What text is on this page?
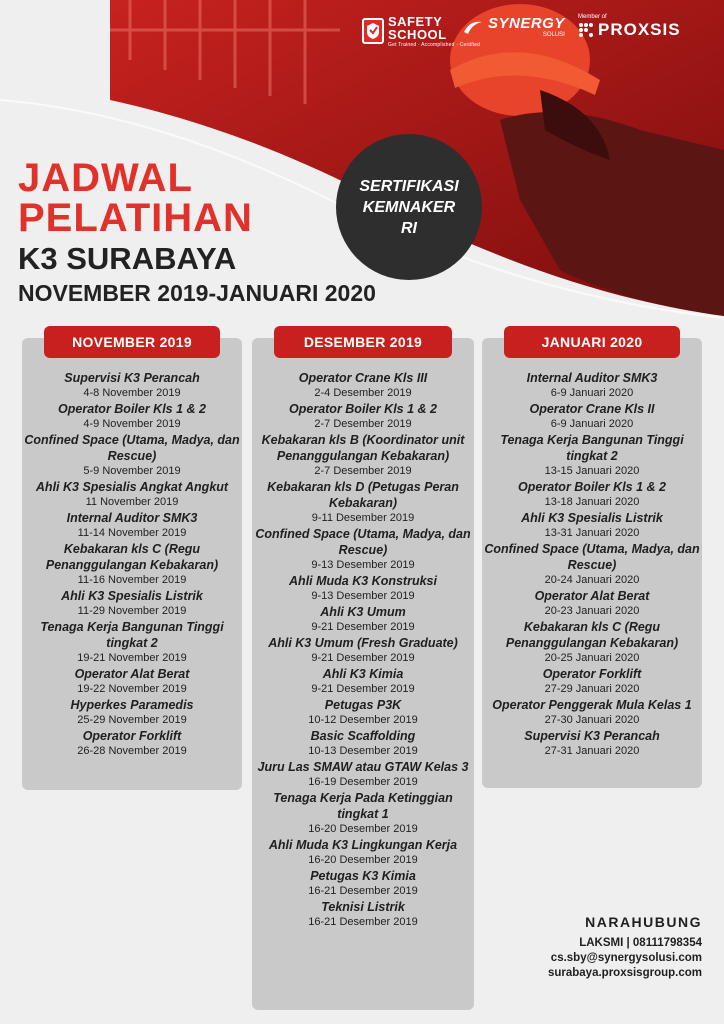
SAFETY
SCHOOL
Get Trained · Accomplished · Certified
SYNERGY
SOLUSI
Member of
PROXSIS
JADWAL
PELATIHAN
K3 SURABAYA
NOVEMBER 2019-JANUARI 2020
SERTIFIKASI
KEMNAKER
RI
NOVEMBER 2019
Supervisi K3 Perancah
4-8 November 2019
Operator Boiler Kls 1 & 2
4-9 November 2019
Confined Space (Utama, Madya, dan Rescue)
5-9 November 2019
Ahli K3 Spesialis Angkat Angkut
11 November 2019
Internal Auditor SMK3
11-14 November 2019
Kebakaran kls C (Regu Penanggulangan Kebakaran)
11-16 November 2019
Ahli K3 Spesialis Listrik
11-29 November 2019
Tenaga Kerja Bangunan Tinggi tingkat 2
19-21 November 2019
Operator Alat Berat
19-22 November 2019
Hyperkes Paramedis
25-29 November 2019
Operator Forklift
26-28 November 2019
DESEMBER 2019
Operator Crane Kls III
2-4 Desember 2019
Operator Boiler Kls 1 & 2
2-7 Desember 2019
Kebakaran kls B (Koordinator unit Penanggulangan Kebakaran)
2-7 Desember 2019
Kebakaran kls D (Petugas Peran Kebakaran)
9-11 Desember 2019
Confined Space (Utama, Madya, dan Rescue)
9-13 Desember 2019
Ahli Muda K3 Konstruksi
9-13 Desember 2019
Ahli K3 Umum
9-21 Desember 2019
Ahli K3 Umum (Fresh Graduate)
9-21 Desember 2019
Ahli K3 Kimia
9-21 Desember 2019
Petugas P3K
10-12 Desember 2019
Basic Scaffolding
10-13 Desember 2019
Juru Las SMAW atau GTAW Kelas 3
16-19 Desember 2019
Tenaga Kerja Pada Ketinggian tingkat 1
16-20 Desember 2019
Ahli Muda K3 Lingkungan Kerja
16-20 Desember 2019
Petugas K3 Kimia
16-21 Desember 2019
Teknisi Listrik
16-21 Desember 2019
JANUARI 2020
Internal Auditor SMK3
6-9 Januari 2020
Operator Crane Kls II
6-9 Januari 2020
Tenaga Kerja Bangunan Tinggi tingkat 2
13-15 Januari 2020
Operator Boiler Kls 1 & 2
13-18 Januari 2020
Ahli K3 Spesialis Listrik
13-31 Januari 2020
Confined Space (Utama, Madya, dan Rescue)
20-24 Januari 2020
Operator Alat Berat
20-23 Januari 2020
Kebakaran kls C (Regu Penanggulangan Kebakaran)
20-25 Januari 2020
Operator Forklift
27-29 Januari 2020
Operator Penggerak Mula Kelas 1
27-30 Januari 2020
Supervisi K3 Perancah
27-31 Januari 2020
NARAHUBUNG
LAKSMI | 08111798354
cs.sby@synergysolusi.com
surabaya.proxsisgroup.com
